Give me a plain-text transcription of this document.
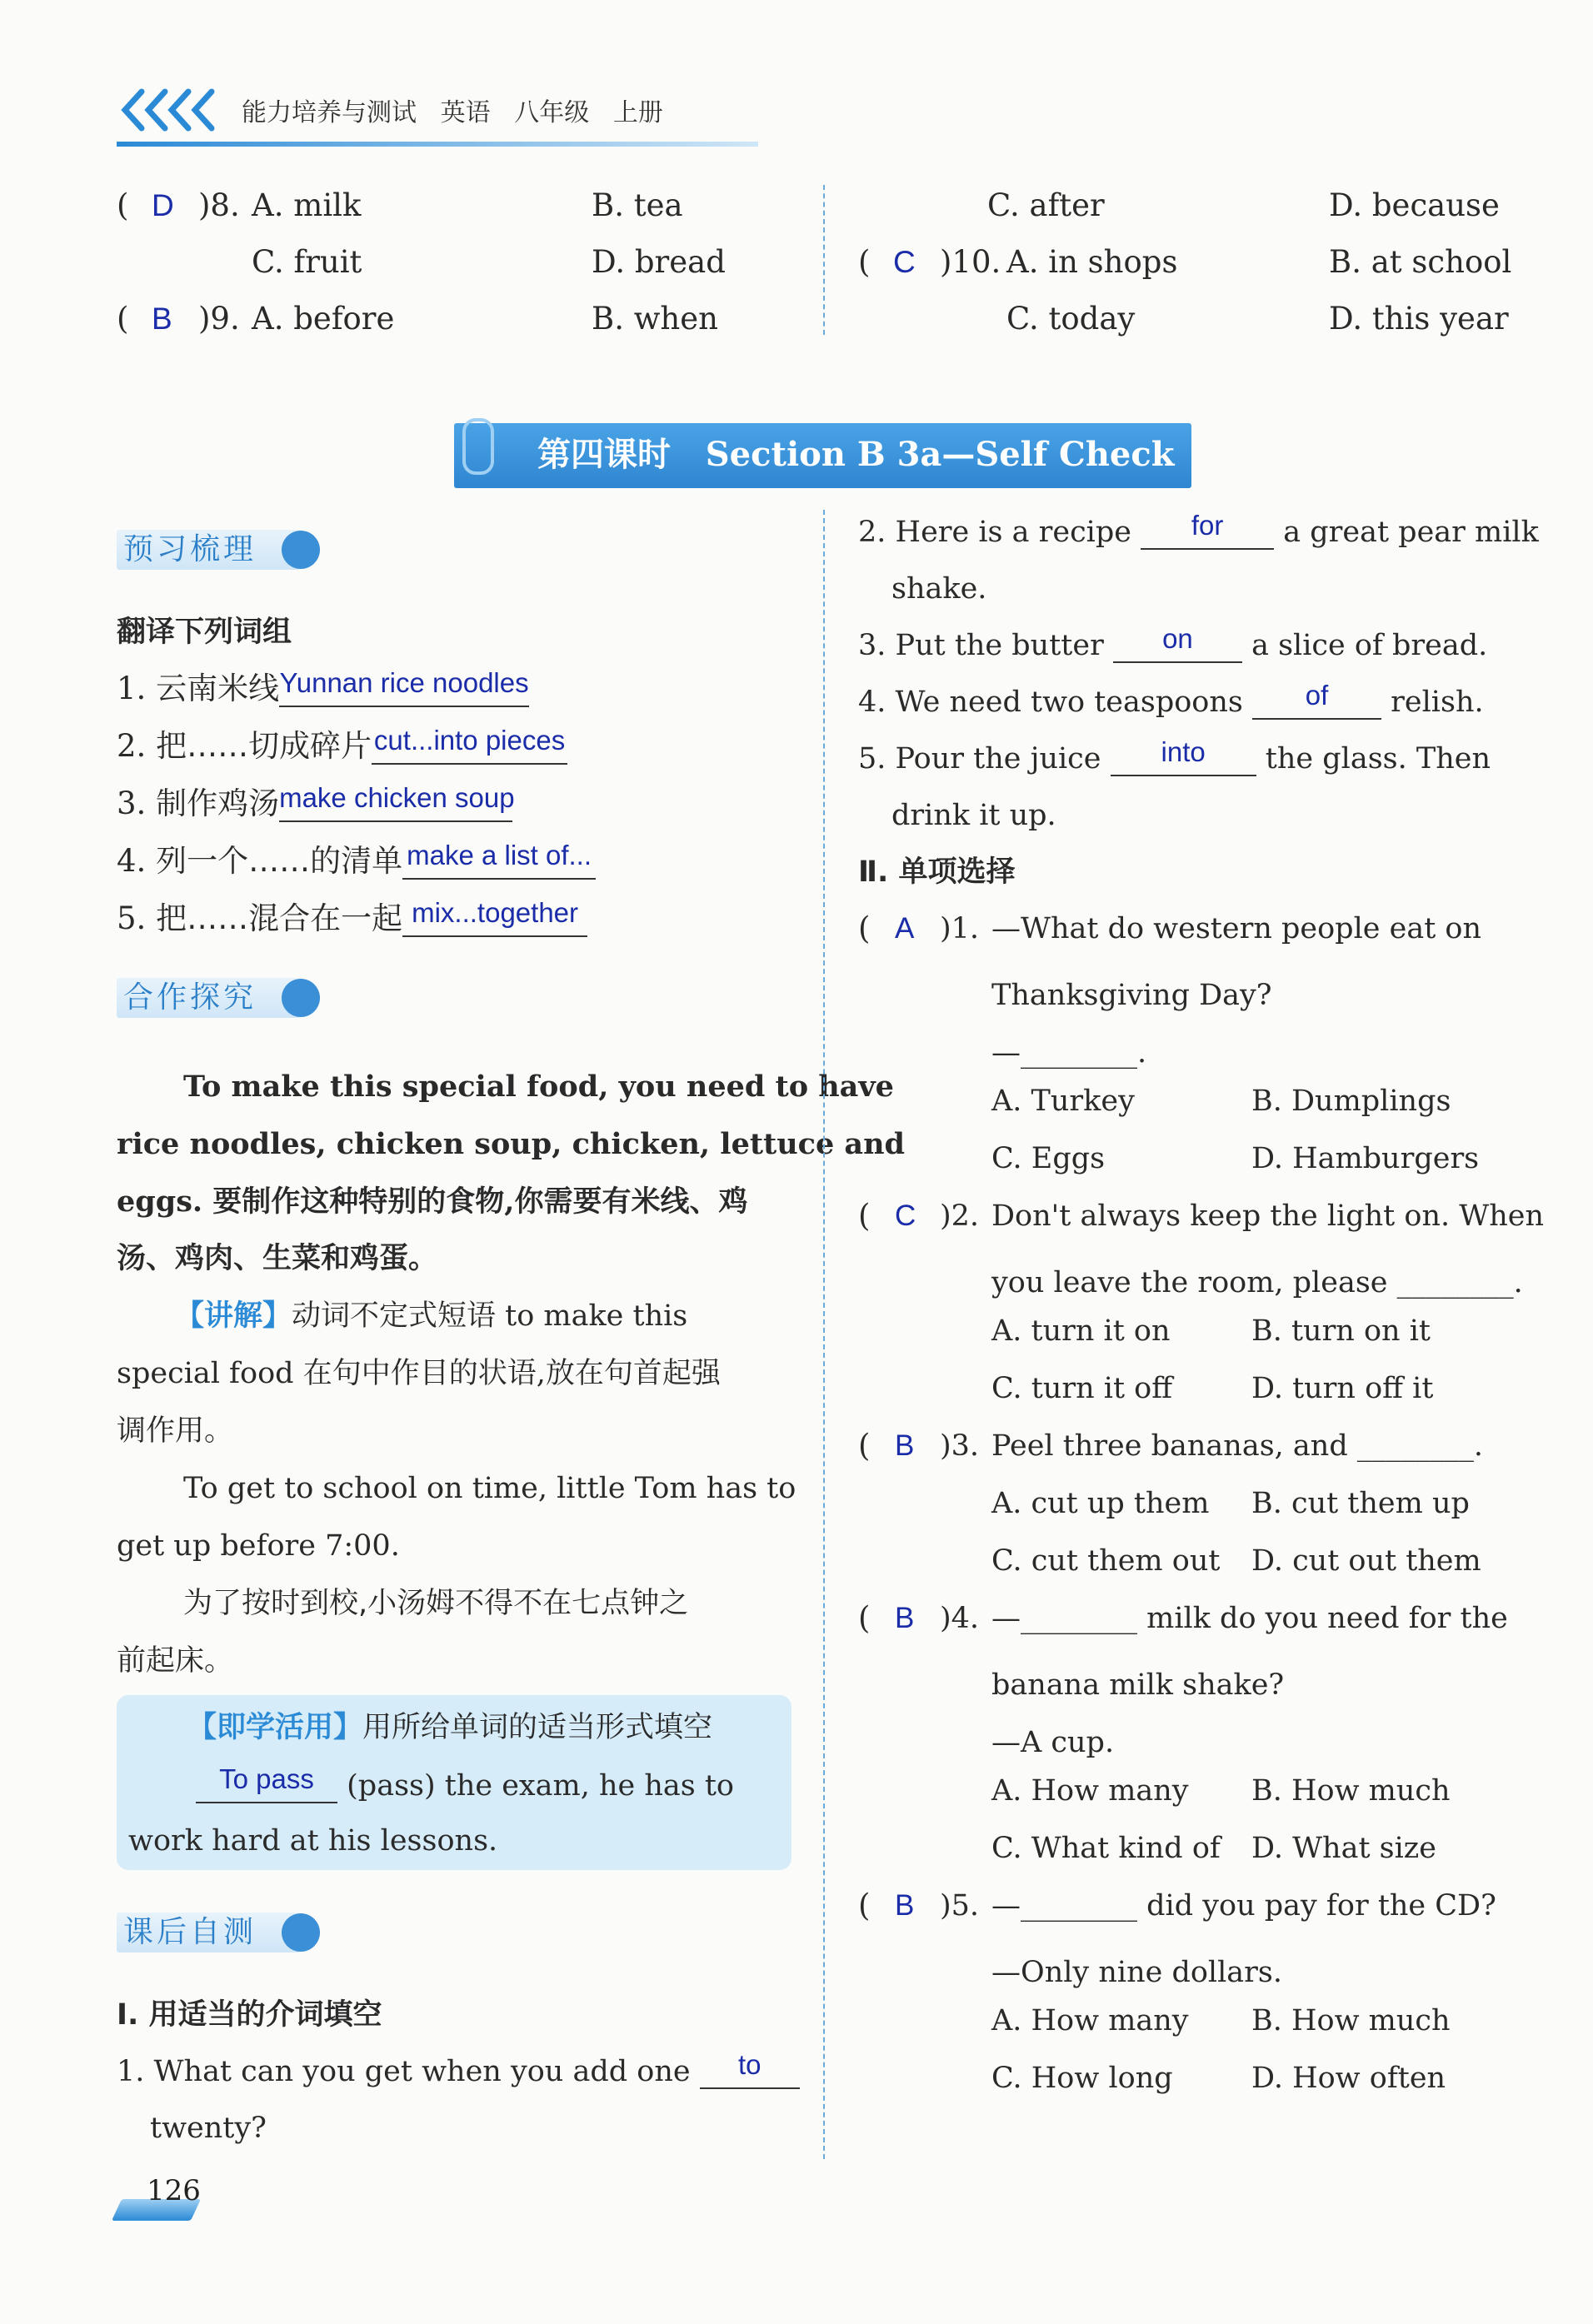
能力培养与测试 英语 八年级 上册
( D )8. A. milk	B. tea
C. fruit	D. bread
( B )9. A. before	B. when
C. after	D. because
( C )10. A. in shops	B. at school
C. today	D. this year
第四课时 Section B 3a—Self Check
预习梳理
翻译下列词组
1. 云南米线Yunnan rice noodles
2. 把……切成碎片cut...into pieces
3. 制作鸡汤make chicken soup
4. 列一个……的清单 make a list of...
5. 把……混合在一起 mix...together
合作探究
To make this special food, you need to have
rice noodles, chicken soup, chicken, lettuce and
eggs. 要制作这种特别的食物,你需要有米线、鸡
汤、鸡肉、生菜和鸡蛋。
【讲解】动词不定式短语 to make this
special food 在句中作目的状语,放在句首起强
调作用。
To get to school on time, little Tom has to
get up before 7:00.
为了按时到校,小汤姆不得不在七点钟之
前起床。
【即学活用】用所给单词的适当形式填空
To pass (pass) the exam, he has to
work hard at his lessons.
课后自测
Ⅰ. 用适当的介词填空
1. What can you get when you add one to
twenty?
126
2. Here is a recipe for a great pear milk
shake.
3. Put the butter on a slice of bread.
4. We need two teaspoons of relish.
5. Pour the juice into the glass. Then
drink it up.
Ⅱ. 单项选择
( A )1. —What do western people eat on
Thanksgiving Day?
—________.
A. Turkey	B. Dumplings
C. Eggs	D. Hamburgers
( C )2. Don't always keep the light on. When
you leave the room, please ________.
A. turn it on	B. turn on it
C. turn it off	D. turn off it
( B )3. Peel three bananas, and ________.
A. cut up them B. cut them up
C. cut them out D. cut out them
( B )4. —________ milk do you need for the
banana milk shake?
—A cup.
A. How many B. How much
C. What kind of D. What size
( B )5. —________ did you pay for the CD?
—Only nine dollars.
A. How many B. How much
C. How long	D. How often
